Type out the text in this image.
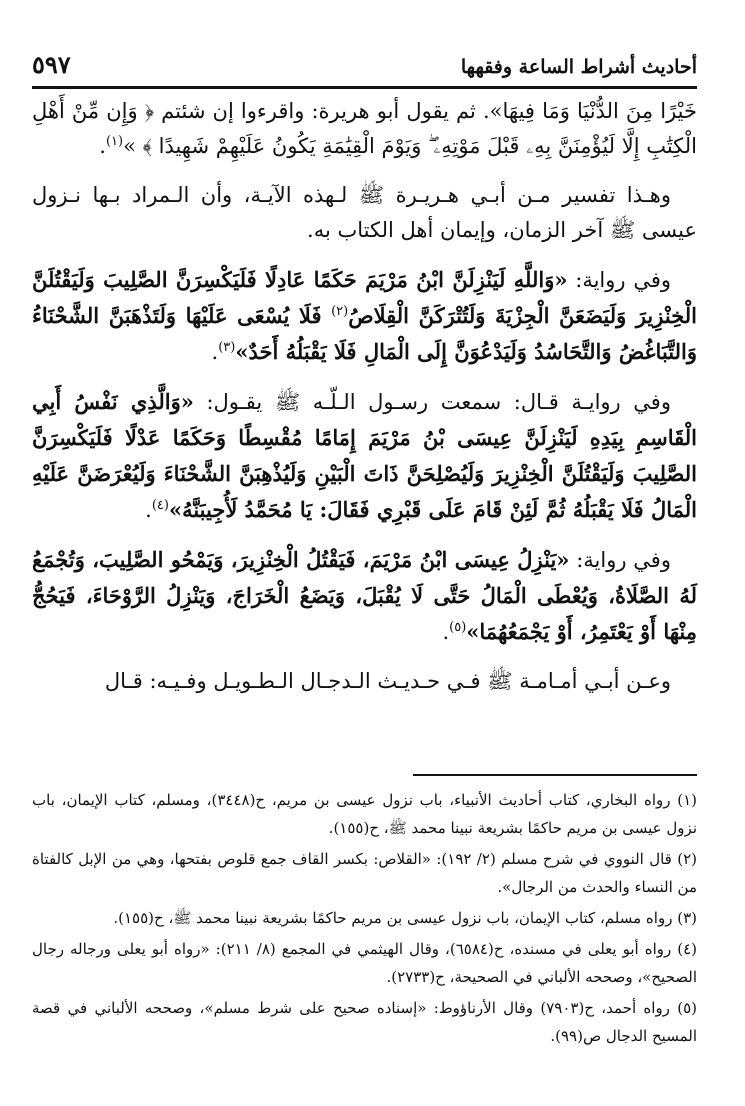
أحاديث أشراط الساعة وفقهها
٥٩٧

خَيْرًا مِنَ الدُّنْيَا وَمَا فِيهَا». ثم يقول أبو هريرة: واقرءوا إن شئتم ﴿ وَإِن مِّنْ أَهْلِ الْكِتَٰبِ إِلَّا لَيُؤْمِنَنَّ بِهِۦ قَبْلَ مَوْتِهِۦ ۖ وَيَوْمَ الْقِيَٰمَةِ يَكُونُ عَلَيْهِمْ شَهِيدًا ﴾ »$^{(١)}$.

وهـذا تفسير مـن أبـي هـريـرة ﷺ لـهذه الآيـة، وأن الـمراد بـها نـزول عيسى ﷺ آخر الزمان، وإيمان أهل الكتاب به.

وفي رواية: «وَاللَّهِ لَيَنْزِلَنَّ ابْنُ مَرْيَمَ حَكَمًا عَادِلًا فَلَيَكْسِرَنَّ الصَّلِيبَ وَلَيَقْتُلَنَّ الْخِنْزِيرَ وَلَيَضَعَنَّ الْجِزْيَةَ وَلَتُتْرَكَنَّ الْقِلَاصُ$^{(٢)}$ فَلَا يُسْعَى عَلَيْهَا وَلَتَذْهَبَنَّ الشَّحْنَاءُ وَالتَّبَاغُضُ وَالتَّحَاسُدُ وَلَيَدْعُوَنَّ إِلَى الْمَالِ فَلَا يَقْبَلُهُ أَحَدٌ»$^{(٣)}$.

وفي روايـة قـال: سمعت رسـول الـلّـه ﷺ يقـول: «وَالَّذِي نَفْسُ أَبِي الْقَاسِمِ بِيَدِهِ لَيَنْزِلَنَّ عِيسَى بْنُ مَرْيَمَ إِمَامًا مُقْسِطًا وَحَكَمًا عَدْلًا فَلَيَكْسِرَنَّ الصَّلِيبَ وَلَيَقْتُلَنَّ الْخِنْزِيرَ وَلَيُصْلِحَنَّ ذَاتَ الْبَيْنِ وَلَيُذْهِبَنَّ الشَّحْنَاءَ وَلَيُعْرَضَنَّ عَلَيْهِ الْمَالُ فَلَا يَقْبَلُهُ ثُمَّ لَئِنْ قَامَ عَلَى قَبْرِي فَقَالَ: يَا مُحَمَّدُ لَأُجِيبَنَّهُ»$^{(٤)}$.

وفي رواية: «يَنْزِلُ عِيسَى ابْنُ مَرْيَمَ، فَيَقْتُلُ الْخِنْزِيرَ، وَيَمْحُو الصَّلِيبَ، وَتُجْمَعُ لَهُ الصَّلَاةُ، وَيُعْطَى الْمَالُ حَتَّى لَا يُقْبَلَ، وَيَضَعُ الْخَرَاجَ، وَيَنْزِلُ الرَّوْحَاءَ، فَيَحُجُّ مِنْهَا أَوْ يَعْتَمِرُ، أَوْ يَجْمَعُهُمَا»$^{(٥)}$.

وعـن أبـي أمـامـة ﷺ فـي حـديـث الـدجـال الـطـويـل وفـيـه: قـال

(١) رواه البخاري، كتاب أحاديث الأنبياء، باب نزول عيسى بن مريم، ح(٣٤٤٨)، ومسلم، كتاب الإيمان، باب نزول عيسى بن مريم حاكمًا بشريعة نبينا محمد ﷺ، ح(١٥٥).

(٢) قال النووي في شرح مسلم (٢/ ١٩٢): «القلاص: بكسر القاف جمع قلوص بفتحها، وهي من الإبل كالفتاة من النساء والحدث من الرجال».

(٣) رواه مسلم، كتاب الإيمان، باب نزول عيسى بن مريم حاكمًا بشريعة نبينا محمد ﷺ، ح(١٥٥).

(٤) رواه أبو يعلى في مسنده، ح(٦٥٨٤)، وقال الهيثمي في المجمع (٨/ ٢١١): «رواه أبو يعلى ورجاله رجال الصحيح»، وصححه الألباني في الصحيحة، ح(٢٧٣٣).

(٥) رواه أحمد، ح(٧٩٠٣) وقال الأرناؤوط: «إسناده صحيح على شرط مسلم»، وصححه الألباني في قصة المسيح الدجال ص(٩٩).
